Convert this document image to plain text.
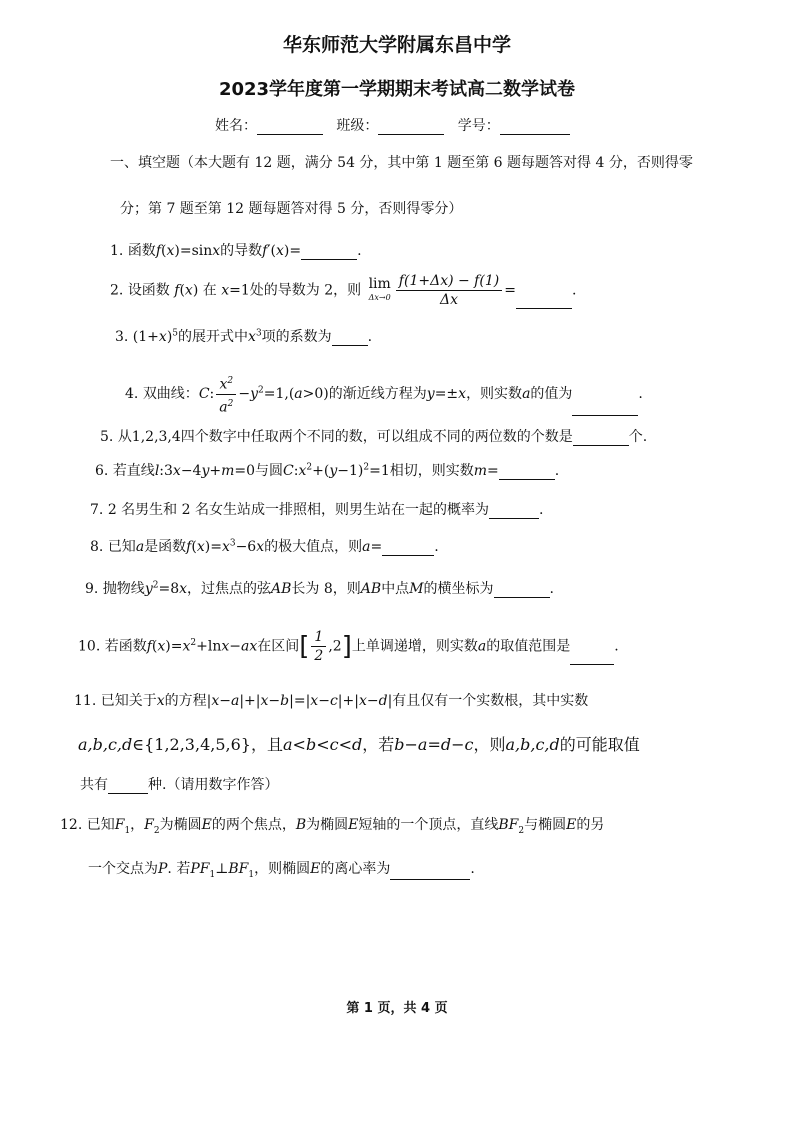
华东师范大学附属东昌中学
2023学年度第一学期期末考试高二数学试卷
姓名：	班级：	学号：
一、填空题（本大题有 12 题，满分 54 分，其中第 1 题至第 6 题每题答对得 4 分，否则得零
分；第 7 题至第 12 题每题答对得 5 分，否则得零分）
1. 函数f(x)=sinx的导数f′(x)=	.
2. 设函数 f(x) 在 x=1处的导数为 2，则 lim
$\Delta x\to 0 \frac{f(1+\Delta x) - f(1)}{\Delta x}$ =	.
3. $(1+x)^5$的展开式中$x^3$项的系数为	.
4. 双曲线：C: $\frac{x^2}{a^2} -y^2=1,(a>0)$的渐近线方程为y=±x，则实数a的值为	.
5. 从1,2,3,4四个数字中任取两个不同的数，可以组成不同的两位数的个数是	个.
6. 若直线l:3x−4y+m=0与圆$C:x^2+(y-1)^2=1$相切，则实数m=	.
7. 2 名男生和 2 名女生站成一排照相，则男生站在一起的概率为	.
8. 已知a是函数$f(x)=x^3-6x$的极大值点，则a=	.
9. 抛物线$y^2=8x$，过焦点的弦AB长为 8，则AB中点M的横坐标为	.
10. 若函数$f(x)=x^2+\ln x-ax$在区间[ $\frac{1}{2} ,2$]上单调递增，则实数a的取值范围是	.
11. 已知关于x的方程|x−a|+|x−b|=|x−c|+|x−d|有且仅有一个实数根，其中实数
a,b,c,d∈{1,2,3,4,5,6}，且a<b<c<d，若b−a=d−c，则a,b,c,d的可能取值
共有	种.（请用数字作答）
12. 已知$F_1$，$F_2$为椭圆E的两个焦点，B为椭圆E短轴的一个顶点，直线$BF_2$与椭圆E的另
一个交点为P. 若$PF_1\perp BF_1$，则椭圆E的离心率为	.
第 1 页，共 4 页
